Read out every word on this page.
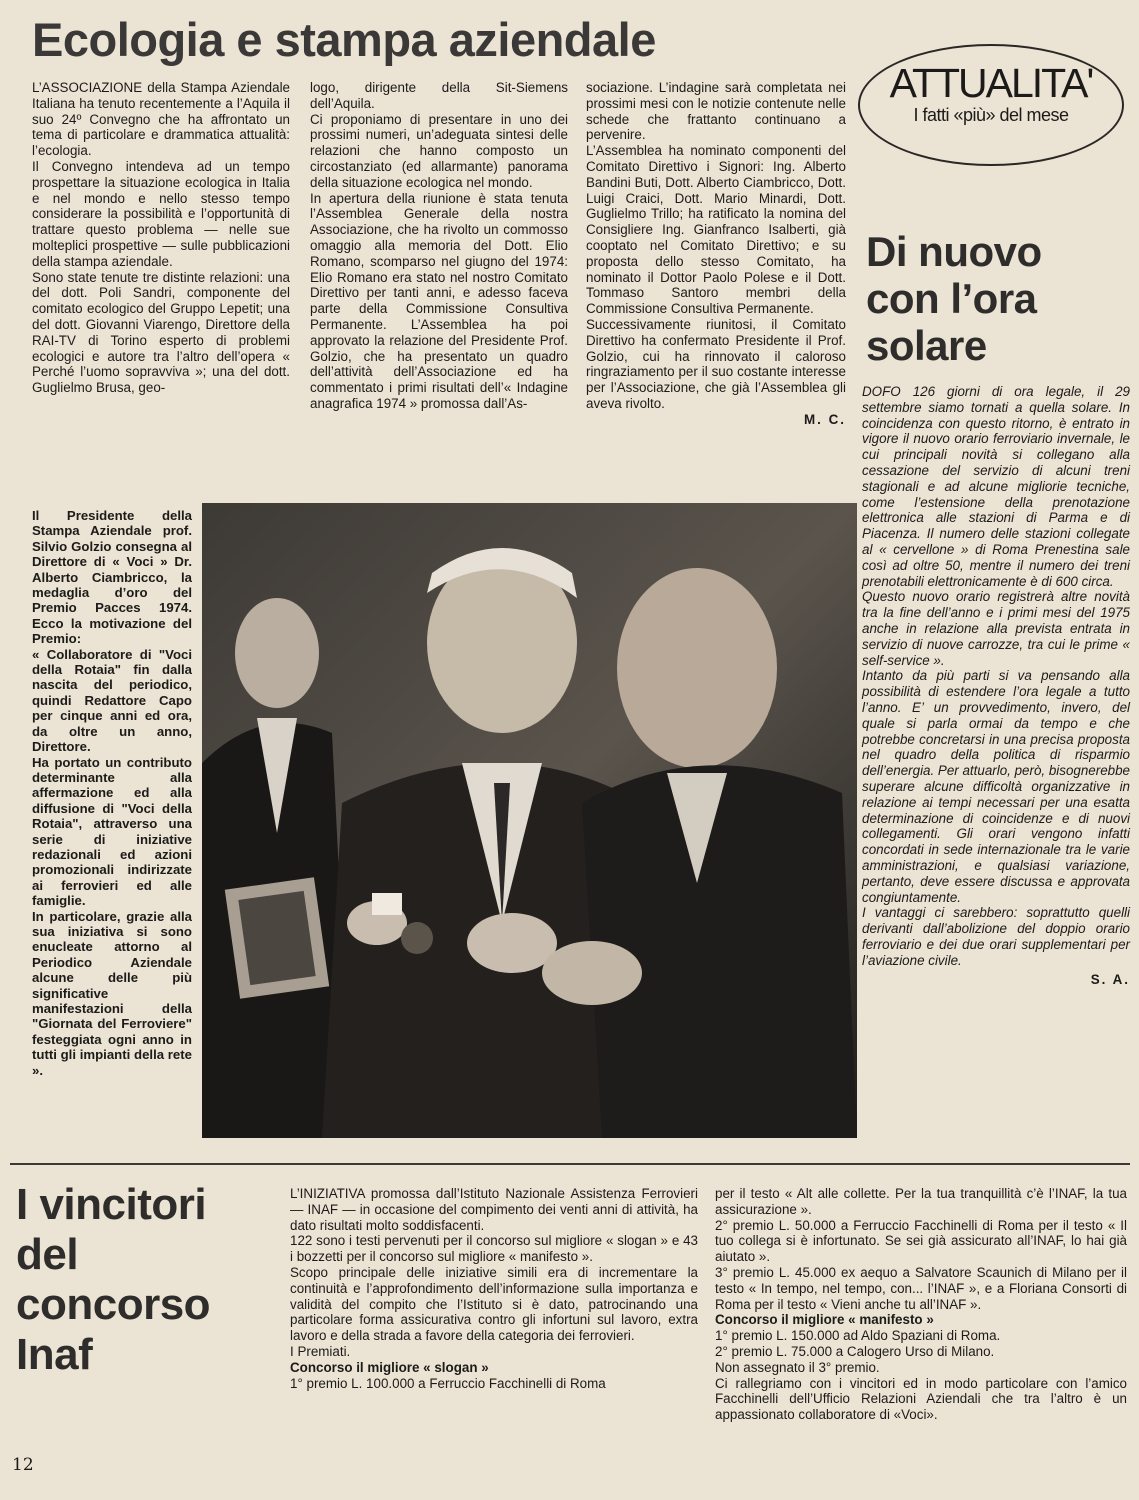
Ecologia e stampa aziendale

L’ASSOCIAZIONE della Stampa Aziendale Italiana ha tenuto recentemente a l’Aquila il suo 24º Convegno che ha affrontato un tema di particolare e drammatica attualità: l’ecologia.

Il Convegno intendeva ad un tempo prospettare la situazione ecologica in Italia e nel mondo e nello stesso tempo considerare la possibilità e l’opportunità di trattare questo problema — nelle sue molteplici prospettive — sulle pubblicazioni della stampa aziendale.

Sono state tenute tre distinte relazioni: una del dott. Poli Sandri, componente del comitato ecologico del Gruppo Lepetit; una del dott. Giovanni Viarengo, Direttore della RAI-TV di Torino esperto di problemi ecologici e autore tra l’altro dell’opera « Perché l’uomo sopravviva »; una del dott. Guglielmo Brusa, geo-

logo, dirigente della Sit-Siemens dell’Aquila.

Ci proponiamo di presentare in uno dei prossimi numeri, un’adeguata sintesi delle relazioni che hanno composto un circostanziato (ed allarmante) panorama della situazione ecologica nel mondo.

In apertura della riunione è stata tenuta l’Assemblea Generale della nostra Associazione, che ha rivolto un commosso omaggio alla memoria del Dott. Elio Romano, scomparso nel giugno del 1974: Elio Romano era stato nel nostro Comitato Direttivo per tanti anni, e adesso faceva parte della Commissione Consultiva Permanente. L’Assemblea ha poi approvato la relazione del Presidente Prof. Golzio, che ha presentato un quadro dell’attività dell’Associazione ed ha commentato i primi risultati dell’« Indagine anagrafica 1974 » promossa dall’As-

sociazione. L’indagine sarà completata nei prossimi mesi con le notizie contenute nelle schede che frattanto continuano a pervenire.

L’Assemblea ha nominato componenti del Comitato Direttivo i Signori: Ing. Alberto Bandini Buti, Dott. Alberto Ciambricco, Dott. Luigi Craici, Dott. Mario Minardi, Dott. Guglielmo Trillo; ha ratificato la nomina del Consigliere Ing. Gianfranco Isalberti, già cooptato nel Comitato Direttivo; e su proposta dello stesso Comitato, ha nominato il Dottor Paolo Polese e il Dott. Tommaso Santoro membri della Commissione Consultiva Permanente.

Successivamente riunitosi, il Comitato Direttivo ha confermato Presidente il Prof. Golzio, cui ha rinnovato il caloroso ringraziamento per il suo costante interesse per l’Associazione, che già l’Assemblea gli aveva rivolto.

M. C.

ATTUALITA'
I fatti «più» del mese
Di nuovo
con l’ora
solare

DOFO 126 giorni di ora legale, il 29 settembre siamo tornati a quella solare. In coincidenza con questo ritorno, è entrato in vigore il nuovo orario ferroviario invernale, le cui principali novità si collegano alla cessazione del servizio di alcuni treni stagionali e ad alcune migliorie tecniche, come l’estensione della prenotazione elettronica alle stazioni di Parma e di Piacenza. Il numero delle stazioni collegate al « cervellone » di Roma Prenestina sale così ad oltre 50, mentre il numero dei treni prenotabili elettronicamente è di 600 circa.

Questo nuovo orario registrerà altre novità tra la fine dell’anno e i primi mesi del 1975 anche in relazione alla prevista entrata in servizio di nuove carrozze, tra cui le prime « self-service ».

Intanto da più parti si va pensando alla possibilità di estendere l’ora legale a tutto l’anno. E’ un provvedimento, invero, del quale si parla ormai da tempo e che potrebbe concretarsi in una precisa proposta nel quadro della politica di risparmio dell’energia. Per attuarlo, però, bisognerebbe superare alcune difficoltà organizzative in relazione ai tempi necessari per una esatta determinazione di coincidenze e di nuovi collegamenti. Gli orari vengono infatti concordati in sede internazionale tra le varie amministrazioni, e qualsiasi variazione, pertanto, deve essere discussa e approvata congiuntamente.

I vantaggi ci sarebbero: soprattutto quelli derivanti dall’abolizione del doppio orario ferroviario e dei due orari supplementari per l’aviazione civile.

S. A.

Il Presidente della Stampa Aziendale prof. Silvio Golzio consegna al Direttore di « Voci » Dr. Alberto Ciambricco, la medaglia d’oro del Premio Pacces 1974. Ecco la motivazione del Premio:

« Collaboratore di "Voci della Rotaia" fin dalla nascita del periodico, quindi Redattore Capo per cinque anni ed ora, da oltre un anno, Direttore.

Ha portato un contributo determinante alla affermazione ed alla diffusione di "Voci della Rotaia", attraverso una serie di iniziative redazionali ed azioni promozionali indirizzate ai ferrovieri ed alle famiglie.

In particolare, grazie alla sua iniziativa si sono enucleate attorno al Periodico Aziendale alcune delle più significative manifestazioni della "Giornata del Ferroviere" festeggiata ogni anno in tutti gli impianti della rete ».

I vincitori
del
concorso
Inaf

L’INIZIATIVA promossa dall’Istituto Nazionale Assistenza Ferrovieri — INAF — in occasione del compimento dei venti anni di attività, ha dato risultati molto soddisfacenti.

122 sono i testi pervenuti per il concorso sul migliore « slogan » e 43 i bozzetti per il concorso sul migliore « manifesto ».

Scopo principale delle iniziative simili era di incrementare la continuità e l’approfondimento dell’informazione sulla importanza e validità del compito che l’Istituto si è dato, patrocinando una particolare forma assicurativa contro gli infortuni sul lavoro, extra lavoro e della strada a favore della categoria dei ferrovieri.

I Premiati.

Concorso il migliore « slogan »

1° premio L. 100.000 a Ferruccio Facchinelli di Roma

per il testo « Alt alle collette. Per la tua tranquillità c’è l’INAF, la tua assicurazione ».

2° premio L. 50.000 a Ferruccio Facchinelli di Roma per il testo « Il tuo collega si è infortunato. Se sei già assicurato all’INAF, lo hai già aiutato ».

3° premio L. 45.000 ex aequo a Salvatore Scaunich di Milano per il testo « In tempo, nel tempo, con... l’INAF », e a Floriana Consorti di Roma per il testo « Vieni anche tu all’INAF ».

Concorso il migliore « manifesto »

1° premio L. 150.000 ad Aldo Spaziani di Roma.

2° premio L. 75.000 a Calogero Urso di Milano.

Non assegnato il 3° premio.

Ci rallegriamo con i vincitori ed in modo particolare con l’amico Facchinelli dell’Ufficio Relazioni Aziendali che tra l’altro è un appassionato collaboratore di «Voci».

12
